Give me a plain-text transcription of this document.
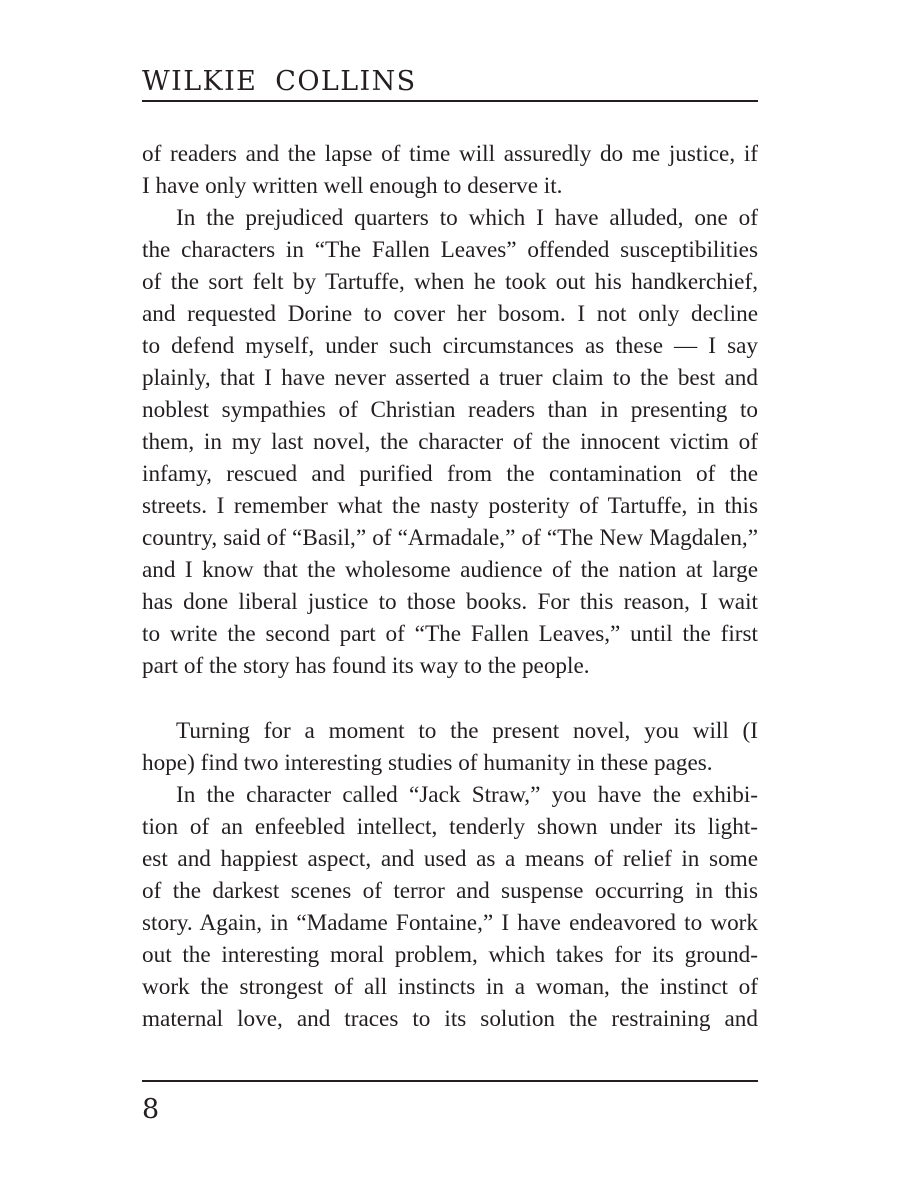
WILKIE COLLINS
of readers and the lapse of time will assuredly do me justice, if
I have only written well enough to deserve it.
In the prejudiced quarters to which I have alluded, one of
the characters in “The Fallen Leaves” offended susceptibilities
of the sort felt by Tartuffe, when he took out his handkerchief,
and requested Dorine to cover her bosom. I not only decline
to defend myself, under such circumstances as these — I say
plainly, that I have never asserted a truer claim to the best and
noblest sympathies of Christian readers than in presenting to
them, in my last novel, the character of the innocent victim of
infamy, rescued and purified from the contamination of the
streets. I remember what the nasty posterity of Tartuffe, in this
country, said of “Basil,” of “Armadale,” of “The New Magdalen,”
and I know that the wholesome audience of the nation at large
has done liberal justice to those books. For this reason, I wait
to write the second part of “The Fallen Leaves,” until the first
part of the story has found its way to the people.
Turning for a moment to the present novel, you will (I
hope) find two interesting studies of humanity in these pages.
In the character called “Jack Straw,” you have the exhibi-
tion of an enfeebled intellect, tenderly shown under its light-
est and happiest aspect, and used as a means of relief in some
of the darkest scenes of terror and suspense occurring in this
story. Again, in “Madame Fontaine,” I have endeavored to work
out the interesting moral problem, which takes for its ground-
work the strongest of all instincts in a woman, the instinct of
maternal love, and traces to its solution the restraining and
8
